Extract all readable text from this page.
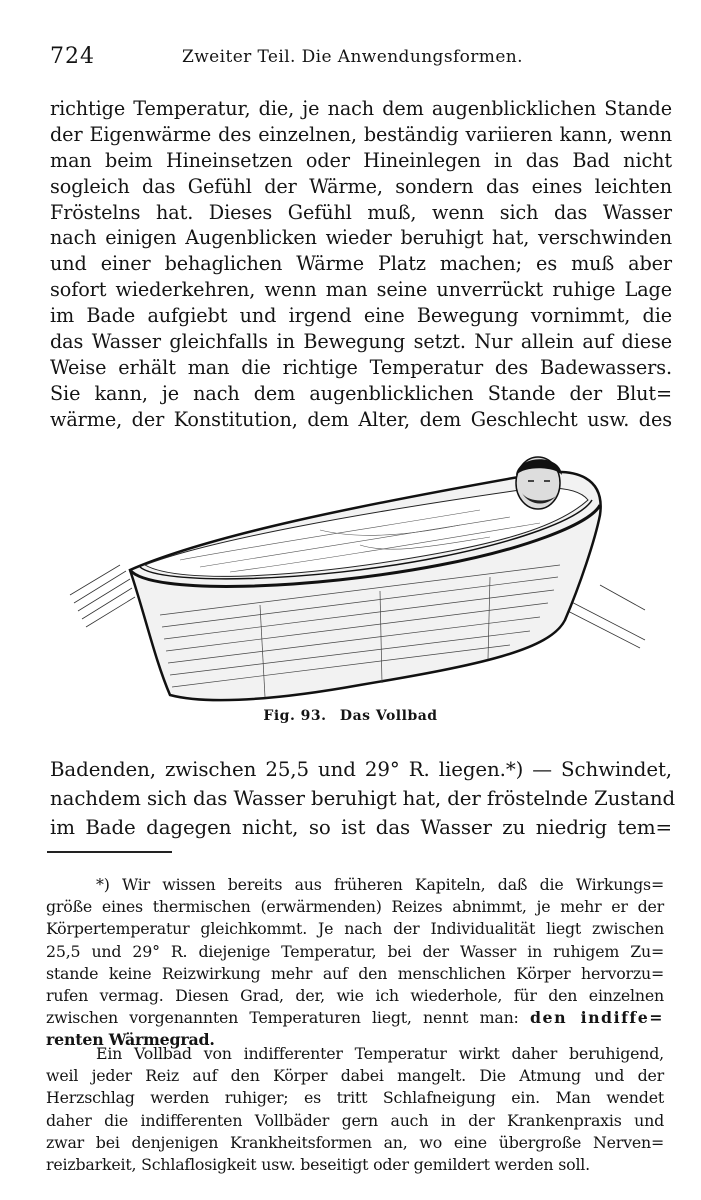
724	Zweiter Teil. Die Anwendungsformen.
richtige Temperatur, die, je nach dem augenblicklichen Stande
der Eigenwärme des einzelnen, beständig variieren kann, wenn
man beim Hineinsetzen oder Hineinlegen in das Bad nicht
sogleich das Gefühl der Wärme, sondern das eines leichten
Fröstelns hat. Dieses Gefühl muß, wenn sich das Wasser
nach einigen Augenblicken wieder beruhigt hat, verschwinden
und einer behaglichen Wärme Platz machen; es muß aber
sofort wiederkehren, wenn man seine unverrückt ruhige Lage
im Bade aufgiebt und irgend eine Bewegung vornimmt, die
das Wasser gleichfalls in Bewegung setzt. Nur allein auf diese
Weise erhält man die richtige Temperatur des Badewassers.
Sie kann, je nach dem augenblicklichen Stande der Blut=
wärme, der Konstitution, dem Alter, dem Geschlecht usw. des
Fig. 93. Das Vollbad
Badenden, zwischen 25,5 und 29° R. liegen.*) — Schwindet,
nachdem sich das Wasser beruhigt hat, der fröstelnde Zustand
im Bade dagegen nicht, so ist das Wasser zu niedrig tem=
*) Wir wissen bereits aus früheren Kapiteln, daß die Wirkungs=
größe eines thermischen (erwärmenden) Reizes abnimmt, je mehr er der
Körpertemperatur gleichkommt. Je nach der Individualität liegt zwischen
25,5 und 29° R. diejenige Temperatur, bei der Wasser in ruhigem Zu=
stande keine Reizwirkung mehr auf den menschlichen Körper hervorzu=
rufen vermag. Diesen Grad, der, wie ich wiederhole, für den einzelnen
zwischen vorgenannten Temperaturen liegt, nennt man: den indiffe=
renten Wärmegrad.
Ein Vollbad von indifferenter Temperatur wirkt daher beruhigend,
weil jeder Reiz auf den Körper dabei mangelt. Die Atmung und der
Herzschlag werden ruhiger; es tritt Schlafneigung ein. Man wendet
daher die indifferenten Vollbäder gern auch in der Krankenpraxis und
zwar bei denjenigen Krankheitsformen an, wo eine übergroße Nerven=
reizbarkeit, Schlaflosigkeit usw. beseitigt oder gemildert werden soll.
